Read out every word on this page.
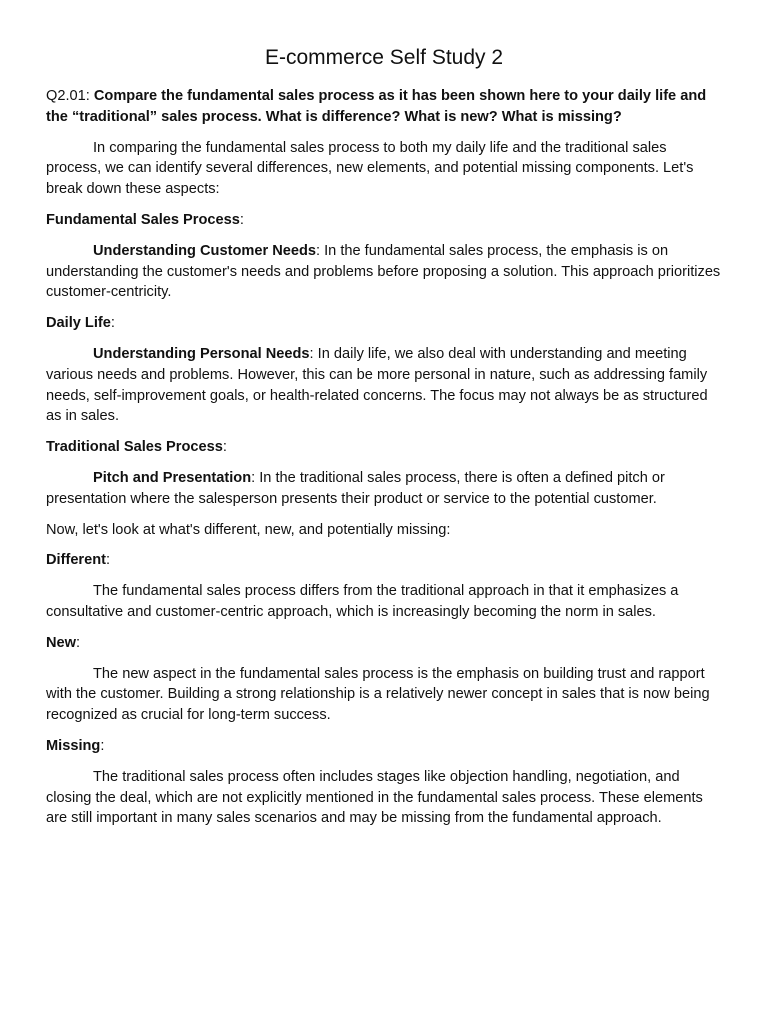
E-commerce Self Study 2

Q2.01: Compare the fundamental sales process as it has been shown here to your daily life and the “traditional” sales process. What is difference? What is new? What is missing?

In comparing the fundamental sales process to both my daily life and the traditional sales process, we can identify several differences, new elements, and potential missing components. Let's break down these aspects:

Fundamental Sales Process:

Understanding Customer Needs: In the fundamental sales process, the emphasis is on understanding the customer's needs and problems before proposing a solution. This approach prioritizes customer-centricity.

Daily Life:

Understanding Personal Needs: In daily life, we also deal with understanding and meeting various needs and problems. However, this can be more personal in nature, such as addressing family needs, self-improvement goals, or health-related concerns. The focus may not always be as structured as in sales.

Traditional Sales Process:

Pitch and Presentation: In the traditional sales process, there is often a defined pitch or presentation where the salesperson presents their product or service to the potential customer.

Now, let's look at what's different, new, and potentially missing:

Different:

The fundamental sales process differs from the traditional approach in that it emphasizes a consultative and customer-centric approach, which is increasingly becoming the norm in sales.

New:

The new aspect in the fundamental sales process is the emphasis on building trust and rapport with the customer. Building a strong relationship is a relatively newer concept in sales that is now being recognized as crucial for long-term success.

Missing:

The traditional sales process often includes stages like objection handling, negotiation, and closing the deal, which are not explicitly mentioned in the fundamental sales process. These elements are still important in many sales scenarios and may be missing from the fundamental approach.
